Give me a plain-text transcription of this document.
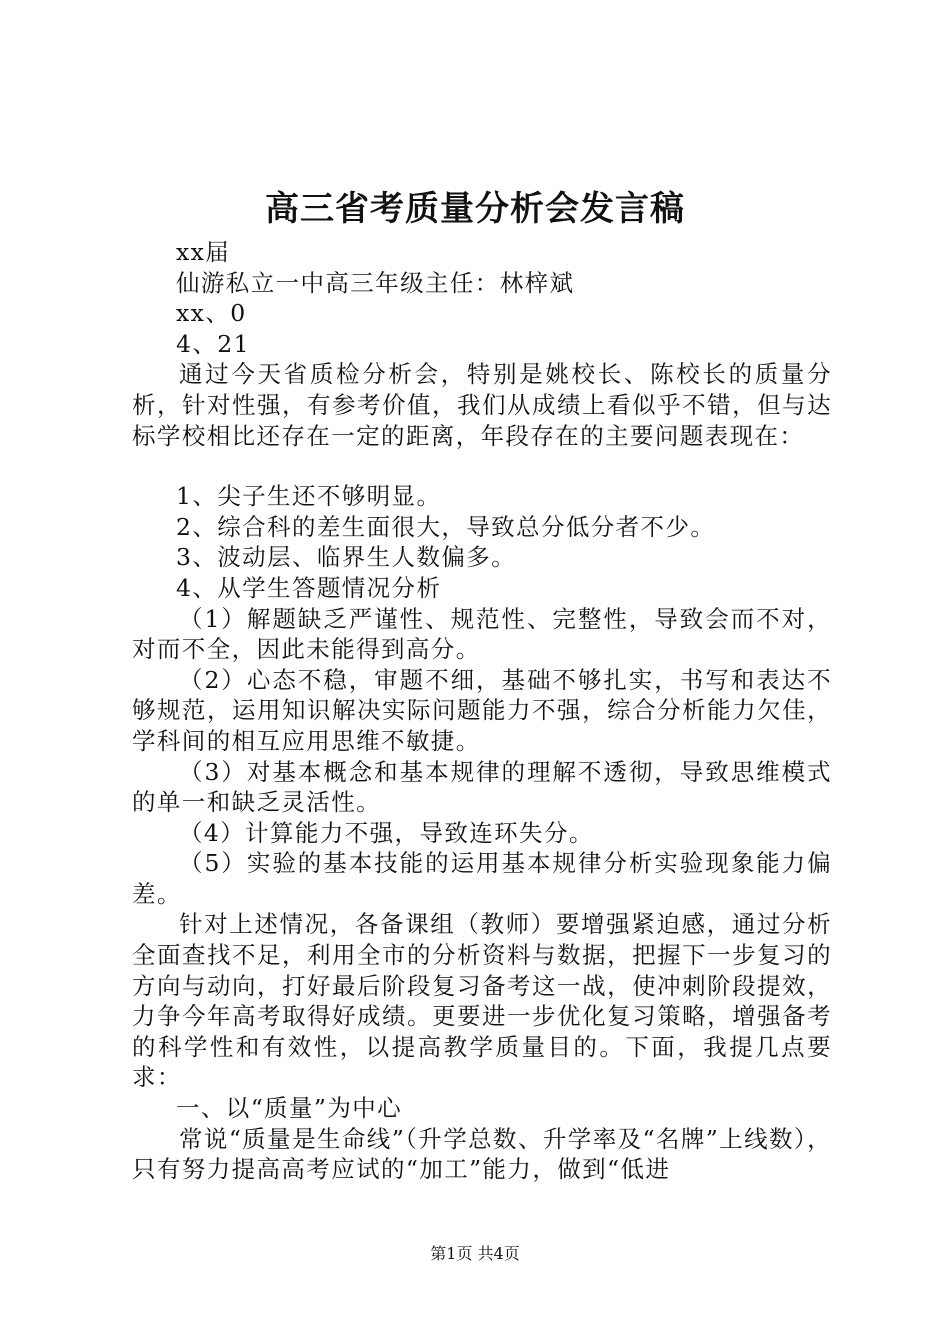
高三省考质量分析会发言稿
xx届
仙游私立一中高三年级主任：林梓斌
xx、0
4、21

通过今天省质检分析会，特别是姚校长、陈校长的质量分析，针对性强，有参考价值，我们从成绩上看似乎不错，但与达标学校相比还存在一定的距离，年段存在的主要问题表现在：

1、尖子生还不够明显。
2、综合科的差生面很大，导致总分低分者不少。
3、波动层、临界生人数偏多。
4、从学生答题情况分析

（1）解题缺乏严谨性、规范性、完整性，导致会而不对，对而不全，因此未能得到高分。

（2）心态不稳，审题不细，基础不够扎实，书写和表达不够规范，运用知识解决实际问题能力不强，综合分析能力欠佳，学科间的相互应用思维不敏捷。

（3）对基本概念和基本规律的理解不透彻，导致思维模式的单一和缺乏灵活性。

（4）计算能力不强，导致连环失分。

（5）实验的基本技能的运用基本规律分析实验现象能力偏差。

针对上述情况，各备课组（教师）要增强紧迫感，通过分析全面查找不足，利用全市的分析资料与数据，把握下一步复习的方向与动向，打好最后阶段复习备考这一战，使冲刺阶段提效，力争今年高考取得好成绩。更要进一步优化复习策略，增强备考的科学性和有效性，以提高教学质量目的。下面，我提几点要求：

一、以“质量”为中心

常说“质量是生命线”（升学总数、升学率及“名牌”上线数），只有努力提高高考应试的“加工”能力，做到“低进

第1页 共4页
